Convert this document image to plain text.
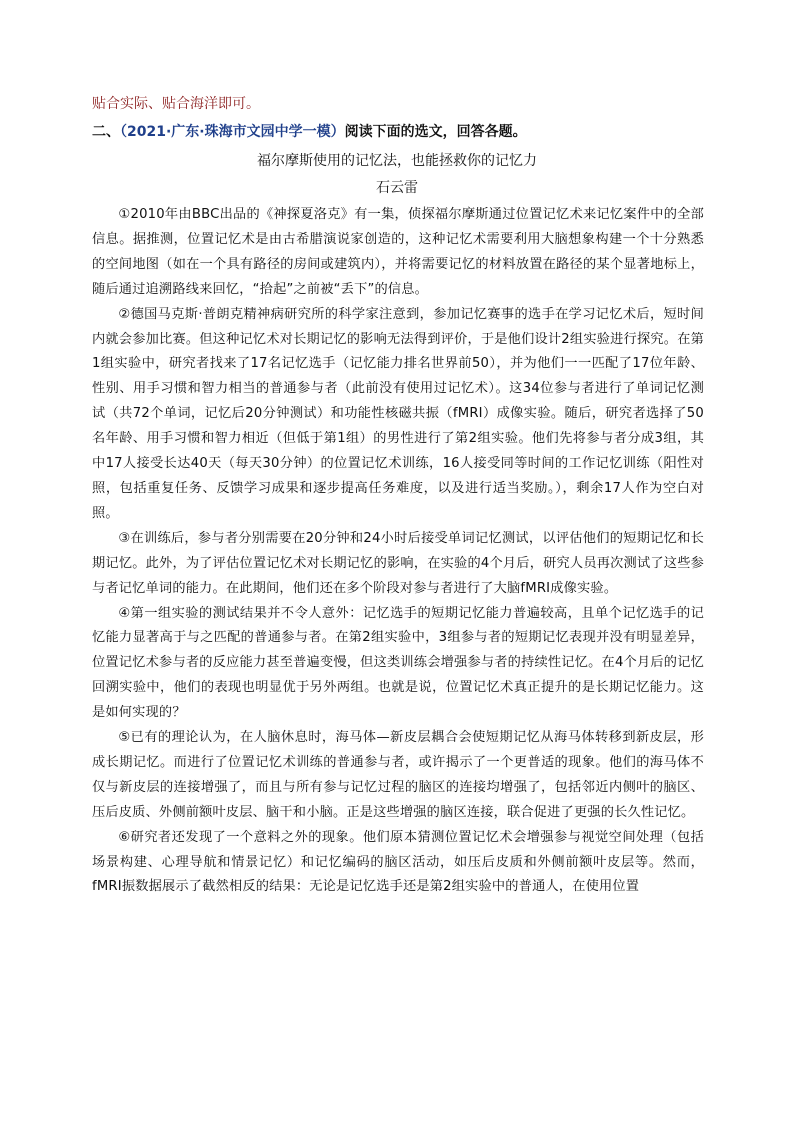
贴合实际、贴合海洋即可。
二、（2021·广东·珠海市文园中学一模）阅读下面的选文，回答各题。
福尔摩斯使用的记忆法，也能拯救你的记忆力
石云雷

①2010年由BBC出品的《神探夏洛克》有一集，侦探福尔摩斯通过位置记忆术来记忆案件中的全部信息。据推测，位置记忆术是由古希腊演说家创造的，这种记忆术需要利用大脑想象构建一个十分熟悉的空间地图（如在一个具有路径的房间或建筑内），并将需要记忆的材料放置在路径的某个显著地标上，随后通过追溯路线来回忆，“拾起”之前被“丢下”的信息。

②德国马克斯·普朗克精神病研究所的科学家注意到，参加记忆赛事的选手在学习记忆术后，短时间内就会参加比赛。但这种记忆术对长期记忆的影响无法得到评价，于是他们设计2组实验进行探究。在第1组实验中，研究者找来了17名记忆选手（记忆能力排名世界前50），并为他们一一匹配了17位年龄、性别、用手习惯和智力相当的普通参与者（此前没有使用过记忆术）。这34位参与者进行了单词记忆测试（共72个单词，记忆后20分钟测试）和功能性核磁共振（fMRI）成像实验。随后，研究者选择了50名年龄、用手习惯和智力相近（但低于第1组）的男性进行了第2组实验。他们先将参与者分成3组，其中17人接受长达40天（每天30分钟）的位置记忆术训练，16人接受同等时间的工作记忆训练（阳性对照，包括重复任务、反馈学习成果和逐步提高任务难度，以及进行适当奖励。），剩余17人作为空白对照。

③在训练后，参与者分别需要在20分钟和24小时后接受单词记忆测试，以评估他们的短期记忆和长期记忆。此外，为了评估位置记忆术对长期记忆的影响，在实验的4个月后，研究人员再次测试了这些参与者记忆单词的能力。在此期间，他们还在多个阶段对参与者进行了大脑fMRI成像实验。

④第一组实验的测试结果并不令人意外：记忆选手的短期记忆能力普遍较高，且单个记忆选手的记忆能力显著高于与之匹配的普通参与者。在第2组实验中，3组参与者的短期记忆表现并没有明显差异，位置记忆术参与者的反应能力甚至普遍变慢，但这类训练会增强参与者的持续性记忆。在4个月后的记忆回溯实验中，他们的表现也明显优于另外两组。也就是说，位置记忆术真正提升的是长期记忆能力。这是如何实现的？

⑤已有的理论认为，在人脑休息时，海马体—新皮层耦合会使短期记忆从海马体转移到新皮层，形成长期记忆。而进行了位置记忆术训练的普通参与者，或许揭示了一个更普适的现象。他们的海马体不仅与新皮层的连接增强了，而且与所有参与记忆过程的脑区的连接均增强了，包括邻近内侧叶的脑区、压后皮质、外侧前额叶皮层、脑干和小脑。正是这些增强的脑区连接，联合促进了更强的长久性记忆。

⑥研究者还发现了一个意料之外的现象。他们原本猜测位置记忆术会增强参与视觉空间处理（包括场景构建、心理导航和情景记忆）和记忆编码的脑区活动，如压后皮质和外侧前额叶皮层等。然而，fMRI振数据展示了截然相反的结果：无论是记忆选手还是第2组实验中的普通人，在使用位置
